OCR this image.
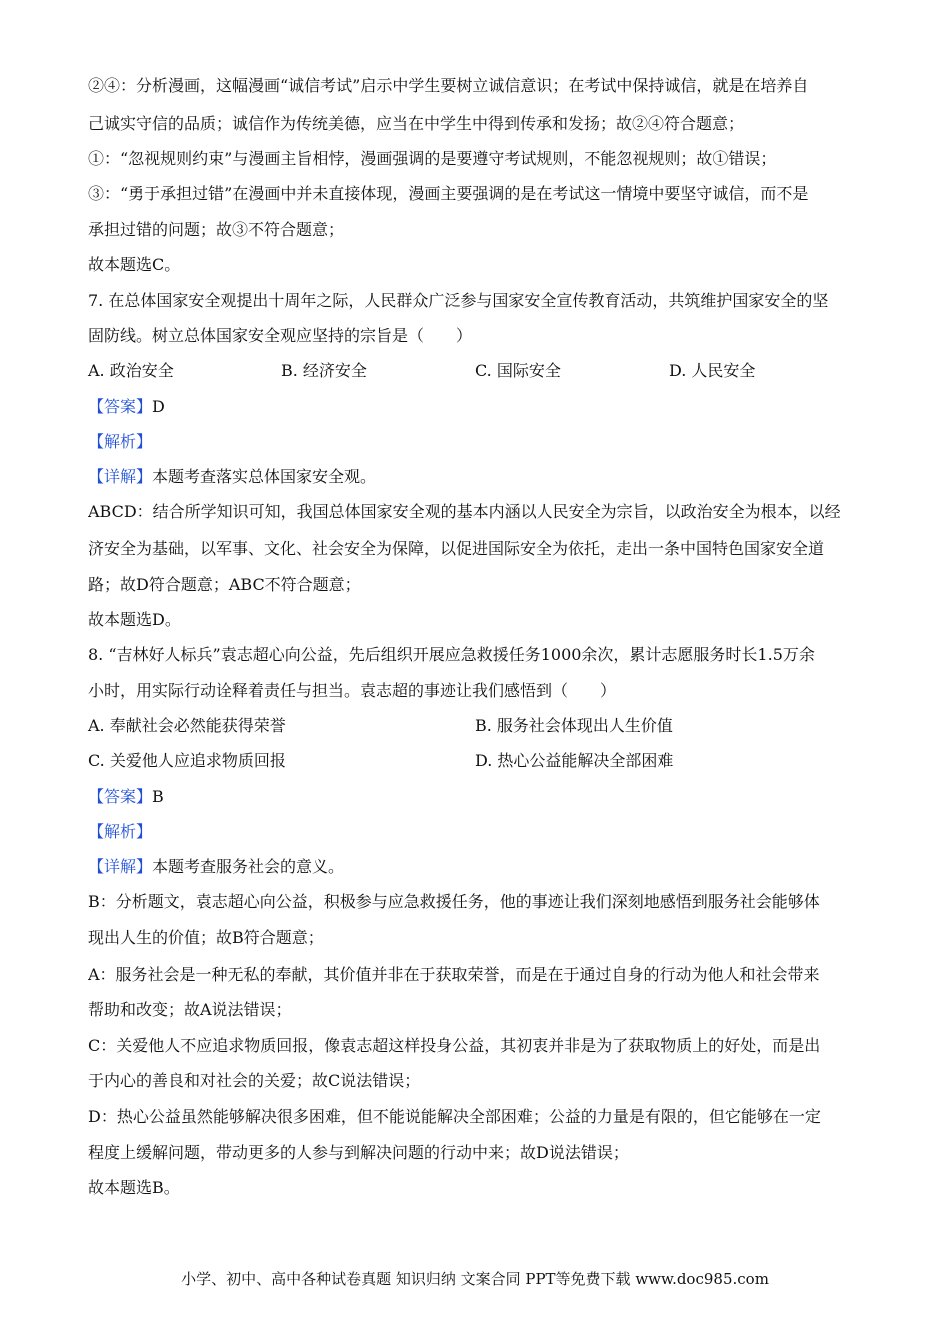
②④：分析漫画，这幅漫画“诚信考试”启示中学生要树立诚信意识；在考试中保持诚信，就是在培养自
己诚实守信的品质；诚信作为传统美德，应当在中学生中得到传承和发扬；故②④符合题意；
①：“忽视规则约束”与漫画主旨相悖，漫画强调的是要遵守考试规则，不能忽视规则；故①错误；
③：“勇于承担过错”在漫画中并未直接体现，漫画主要强调的是在考试这一情境中要坚守诚信，而不是
承担过错的问题；故③不符合题意；
故本题选C。
7. 在总体国家安全观提出十周年之际，人民群众广泛参与国家安全宣传教育活动，共筑维护国家安全的坚
固防线。树立总体国家安全观应坚持的宗旨是（　　）
A. 政治安全	B. 经济安全	C. 国际安全	D. 人民安全
【答案】D
【解析】
【详解】本题考查落实总体国家安全观。
ABCD：结合所学知识可知，我国总体国家安全观的基本内涵以人民安全为宗旨，以政治安全为根本，以经
济安全为基础，以军事、文化、社会安全为保障，以促进国际安全为依托，走出一条中国特色国家安全道
路；故D符合题意；ABC不符合题意；
故本题选D。
8. “吉林好人标兵”袁志超心向公益，先后组织开展应急救援任务1000余次，累计志愿服务时长1.5万余
小时，用实际行动诠释着责任与担当。袁志超的事迹让我们感悟到（　　）
A. 奉献社会必然能获得荣誉	B. 服务社会体现出人生价值
C. 关爱他人应追求物质回报	D. 热心公益能解决全部困难
【答案】B
【解析】
【详解】本题考查服务社会的意义。
B：分析题文，袁志超心向公益，积极参与应急救援任务，他的事迹让我们深刻地感悟到服务社会能够体
现出人生的价值；故B符合题意；
A：服务社会是一种无私的奉献，其价值并非在于获取荣誉，而是在于通过自身的行动为他人和社会带来
帮助和改变；故A说法错误；
C：关爱他人不应追求物质回报，像袁志超这样投身公益，其初衷并非是为了获取物质上的好处，而是出
于内心的善良和对社会的关爱；故C说法错误；
D：热心公益虽然能够解决很多困难，但不能说能解决全部困难；公益的力量是有限的，但它能够在一定
程度上缓解问题，带动更多的人参与到解决问题的行动中来；故D说法错误；
故本题选B。
小学、初中、高中各种试卷真题 知识归纳 文案合同 PPT等免费下载 www.doc985.com
